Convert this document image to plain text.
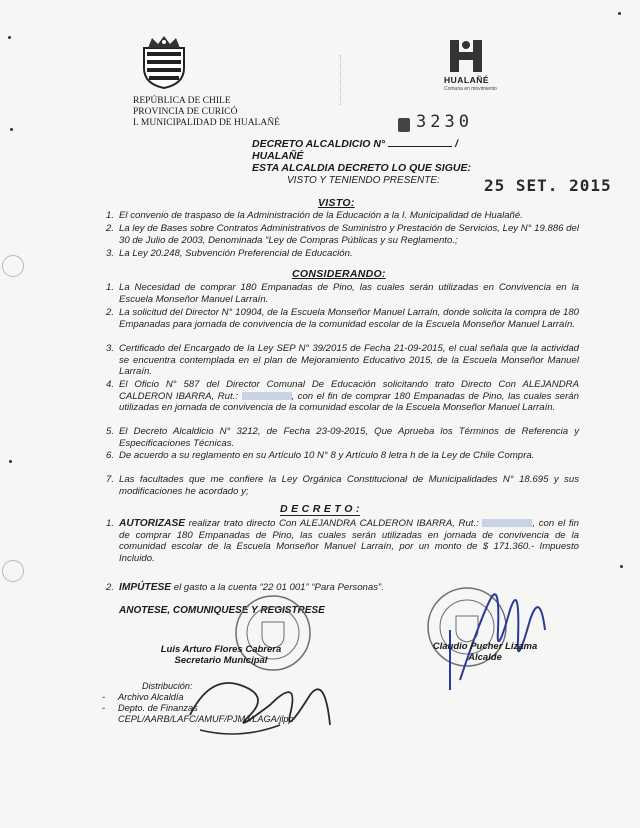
REPÚBLICA DE CHILE
PROVINCIA DE CURICÓ
I. MUNICIPALIDAD DE HUALAÑÉ
HUALAÑÉ
Comuna en movimiento
3230
DECRETO ALCALDICIO N°	/
HUALAÑÉ
ESTA ALCALDIA DECRETO LO QUE SIGUE:
VISTO Y TENIENDO PRESENTE:	25 SET. 2015
VISTO:
1. El convenio de traspaso de la Administración de la Educación a la I. Municipalidad de Hualañé.
2. La ley de Bases sobre Contratos Administrativos de Suministro y Prestación de Servicios, Ley N° 19.886 del 30 de Julio de 2003, Denominada “Ley de Compras Públicas y su Reglamento.;
3. La Ley 20.248, Subvención Preferencial de Educación.
CONSIDERANDO:
1. La Necesidad de comprar 180 Empanadas de Pino, las cuales serán utilizadas en Convivencia en la Escuela Monseñor Manuel Larraín.
2. La solicitud del Director N° 10904, de la Escuela Monseñor Manuel Larraín, donde solicita la compra de 180 Empanadas para jornada de convivencia de la comunidad escolar de la Escuela Monseñor Manuel Larraín.
3. Certificado del Encargado de la Ley SEP N° 39/2015 de Fecha 21-09-2015, el cual señala que la actividad se encuentra contemplada en el plan de Mejoramiento Educativo 2015, de la Escuela Monseñor Manuel Larraín.
4. El Oficio N° 587 del Director Comunal De Educación solicitando trato Directo Con ALEJANDRA CALDERON IBARRA, Rut.:	, con el fin de comprar 180 Empanadas de Pino, las cuales serán utilizadas en jornada de convivencia de la comunidad escolar de la Escuela Monseñor Manuel Larraín.
5. El Decreto Alcaldicio N° 3212, de Fecha 23-09-2015, Que Aprueba los Términos de Referencia y Especificaciones Técnicas.
6. De acuerdo a su reglamento en su Artículo 10 N° 8 y Artículo 8 letra h de la Ley de Chile Compra.
7. Las facultades que me confiere la Ley Orgánica Constitucional de Municipalidades N° 18.695 y sus modificaciones he acordado y;
D E C R E T O :
1. AUTORIZASE realizar trato directo Con ALEJANDRA CALDERON IBARRA, Rut.:	, con el fin de comprar 180 Empanadas de Pino, las cuales serán utilizadas en jornada de convivencia de la comunidad escolar de la Escuela Monseñor Manuel Larraín, por un monto de $ 171.360.- Impuesto Incluido.
2. IMPÚTESE el gasto a la cuenta “22 01 001” “Para Personas”.
ANOTESE, COMUNIQUESE Y REGISTRESE
Luis Arturo Flores Cabrera
Secretario Municipal
Claudio Pucher Lizama
Alcalde
Distribución:
- Archivo Alcaldía
- Depto. de Finanzas
CEPL/AARB/LAFC/AMUF/PJMJ/LAGA/jlpp
